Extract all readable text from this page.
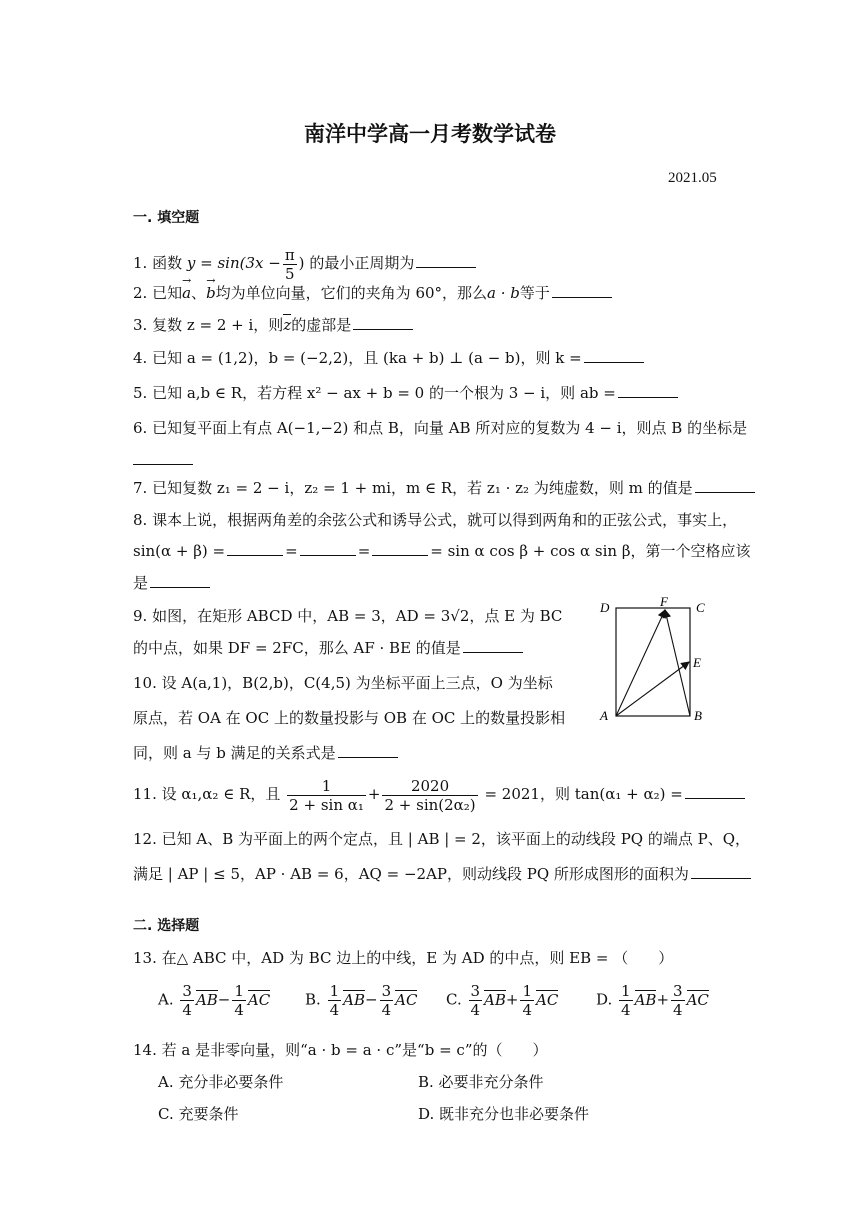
南洋中学高一月考数学试卷
2021.05
一. 填空题
1. 函数 $y = \sin(3x - \frac{\pi}{5}$ ) 的最小正周期为
2. 已知→ a、→ b均为单位向量，它们的夹角为 60°，那么a · b等于
3. 复数 z = 2 + i，则z的虚部是
4. 已知 a = (1,2)，b = (−2,2)，且 (ka + b) ⊥ (a − b)，则 k =
5. 已知 a,b ∈ R，若方程 x² − ax + b = 0 的一个根为 3 − i，则 ab =
6. 已知复平面上有点 A(−1,−2) 和点 B，向量 AB 所对应的复数为 4 − i，则点 B 的坐标是
7. 已知复数 z₁ = 2 − i，z₂ = 1 + mi，m ∈ R，若 z₁ · z₂ 为纯虚数，则 m 的值是
8. 课本上说，根据两角差的余弦公式和诱导公式，就可以得到两角和的正弦公式，事实上，
sin(α + β) =	=	=	= sin α cos β + cos α sin β，第一个空格应该
是
9. 如图，在矩形 ABCD 中，AB = 3，AD = 3√2，点 E 为 BC
的中点，如果 DF = 2FC，那么 AF · BE 的值是
10. 设 A(a,1)，B(2,b)，C(4,5) 为坐标平面上三点，O 为坐标
原点，若 OA 在 OC 上的数量投影与 OB 在 OC 上的数量投影相
同，则 a 与 b 满足的关系式是
D	F C
E
A	B
11. 设 α₁,α₂ ∈ R，且 $\frac{1}{\text{2 + sin α₁}} + \frac{2020}{\text{2 + sin(2α₂)}} = 2021$，则 tan(α₁ + α₂) =
12. 已知 A、B 为平面上的两个定点，且 | AB | = 2，该平面上的动线段 PQ 的端点 P、Q，
满足 | AP | ≤ 5，AP · AB = 6，AQ = −2AP，则动线段 PQ 所形成图形的面积为
二. 选择题
13. 在△ ABC 中，AD 为 BC 边上的中线，E 为 AD 的中点，则 EB = （　　）
A. $\frac{3}{4} AB- \frac{1}{4}$ AC B. $\frac{1}{4} AB- \frac{3}{4}$ AC C. $\frac{3}{4} AB+ \frac{1}{4}$ AC	D. $\frac{1}{4} AB+ \frac{3}{4}$ AC
14. 若 a 是非零向量，则“a · b = a · c”是“b = c”的（　　）
A. 充分非必要条件	B. 必要非充分条件
C. 充要条件	D. 既非充分也非必要条件
